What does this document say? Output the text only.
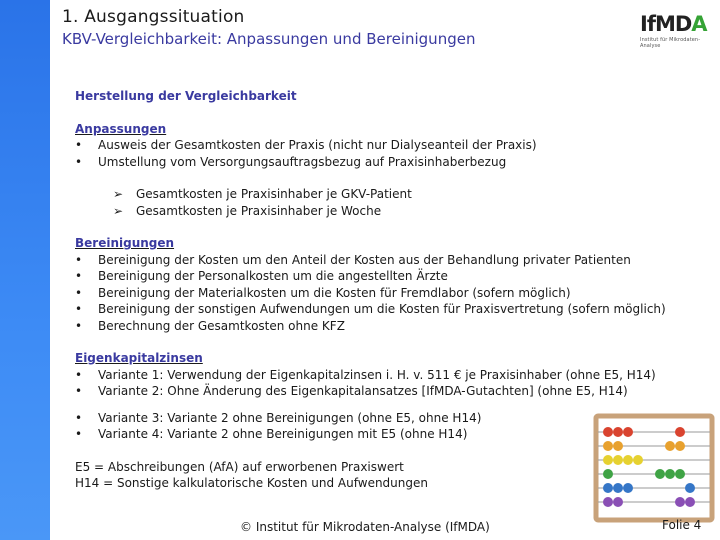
1. Ausgangssituation
KBV-Vergleichbarkeit: Anpassungen und Bereinigungen
IfMDA
Institut für Mikrodaten-Analyse
Herstellung der Vergleichbarkeit
Anpassungen
• Ausweis der Gesamtkosten der Praxis (nicht nur Dialyseanteil der Praxis)
• Umstellung vom Versorgungsauftragsbezug auf Praxisinhaberbezug
➢ Gesamtkosten je Praxisinhaber je GKV-Patient
➢ Gesamtkosten je Praxisinhaber je Woche
Bereinigungen
• Bereinigung der Kosten um den Anteil der Kosten aus der Behandlung privater Patienten
• Bereinigung der Personalkosten um die angestellten Ärzte
• Bereinigung der Materialkosten um die Kosten für Fremdlabor (sofern möglich)
• Bereinigung der sonstigen Aufwendungen um die Kosten für Praxisvertretung (sofern möglich)
• Berechnung der Gesamtkosten ohne KFZ
Eigenkapitalzinsen
• Variante 1: Verwendung der Eigenkapitalzinsen i. H. v. 511 € je Praxisinhaber (ohne E5, H14)
• Variante 2: Ohne Änderung des Eigenkapitalansatzes [IfMDA-Gutachten] (ohne E5, H14)
• Variante 3: Variante 2 ohne Bereinigungen (ohne E5, ohne H14)
• Variante 4: Variante 2 ohne Bereinigungen mit E5 (ohne H14)
E5 = Abschreibungen (AfA) auf erworbenen Praxiswert
H14 = Sonstige kalkulatorische Kosten und Aufwendungen
© Institut für Mikrodaten-Analyse (IfMDA)	Folie 4
